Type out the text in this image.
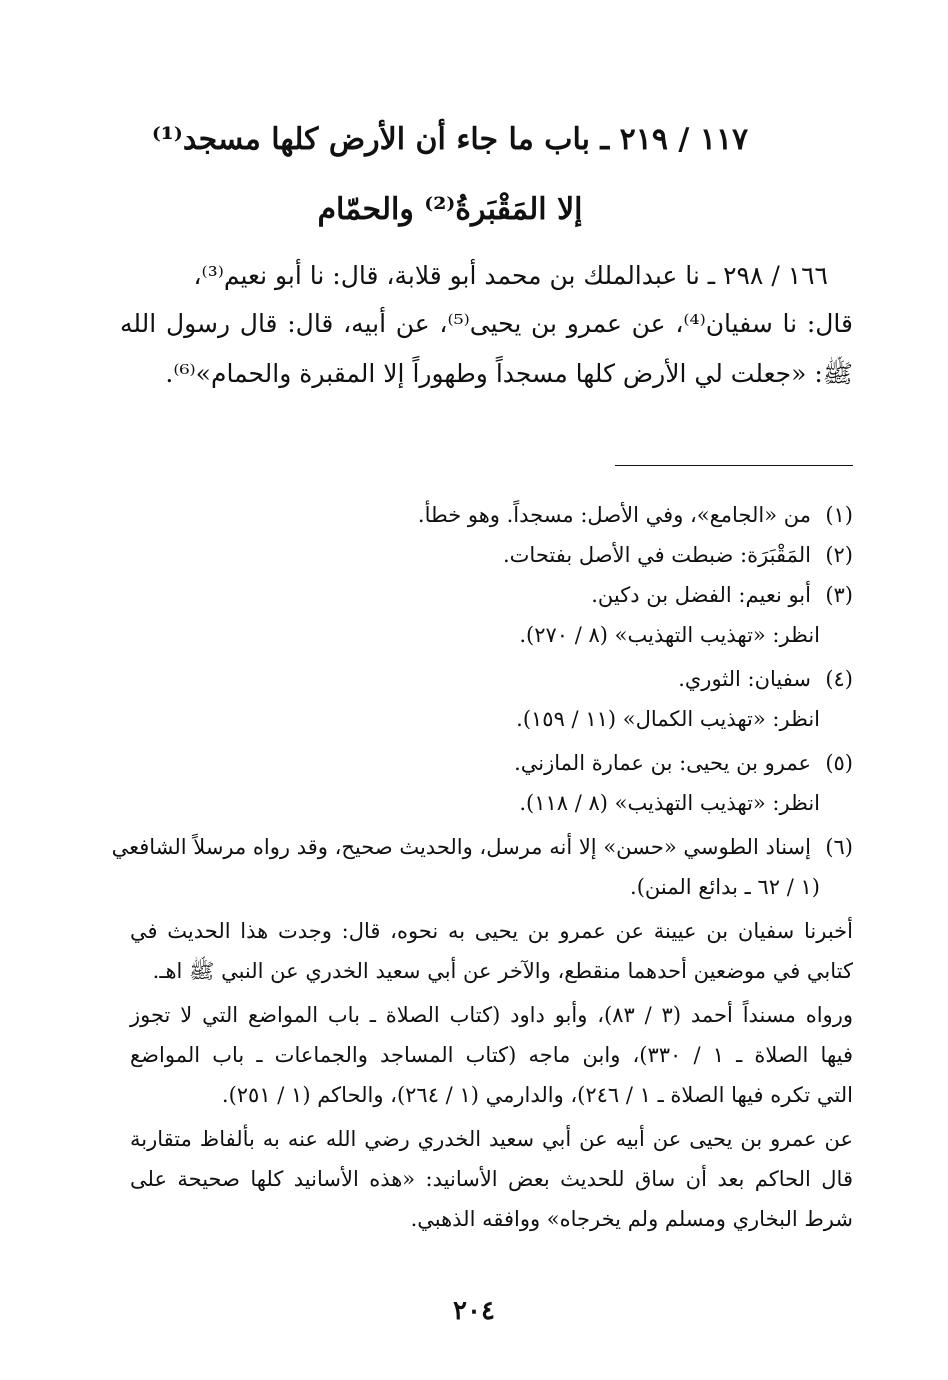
١١٧ / ٢١٩ ـ باب ما جاء أن الأرض كلها مسجد⁽¹⁾
إلا المَقْبَرةُ⁽²⁾ والحمّام
١٦٦ / ٢٩٨ ـ نا عبدالملك بن محمد أبو قلابة، قال: نا أبو نعيم⁽³⁾،
قال: نا سفيان⁽⁴⁾، عن عمرو بن يحيى⁽⁵⁾، عن أبيه، قال: قال رسول الله
ﷺ: «جعلت لي الأرض كلها مسجداً وطهوراً إلا المقبرة والحمام»⁽⁶⁾.
(١)من «الجامع»، وفي الأصل: مسجداً. وهو خطأ.
(٢)المَقْبَرَة: ضبطت في الأصل بفتحات.
(٣)أبو نعيم: الفضل بن دكين.
انظر: «تهذيب التهذيب» (٨ / ٢٧٠).
(٤)سفيان: الثوري.
انظر: «تهذيب الكمال» (١١ / ١٥٩).
(٥)عمرو بن يحيى: بن عمارة المازني.
انظر: «تهذيب التهذيب» (٨ / ١١٨).
(٦)إسناد الطوسي «حسن» إلا أنه مرسل، والحديث صحيح، وقد رواه مرسلاً الشافعي
(١ / ٦٢ ـ بدائع المنن).
أخبرنا سفيان بن عيينة عن عمرو بن يحيى به نحوه، قال: وجدت هذا الحديث في
كتابي في موضعين أحدهما منقطع، والآخر عن أبي سعيد الخدري عن النبي ﷺ اهـ.
ورواه مسنداً أحمد (٣ / ٨٣)، وأبو داود (كتاب الصلاة ـ باب المواضع التي لا تجوز
فيها الصلاة ـ ١ / ٣٣٠)، وابن ماجه (كتاب المساجد والجماعات ـ باب المواضع
التي تكره فيها الصلاة ـ ١ / ٢٤٦)، والدارمي (١ / ٢٦٤)، والحاكم (١ / ٢٥١).
عن عمرو بن يحيى عن أبيه عن أبي سعيد الخدري رضي الله عنه به بألفاظ متقاربة
قال الحاكم بعد أن ساق للحديث بعض الأسانيد: «هذه الأسانيد كلها صحيحة على
شرط البخاري ومسلم ولم يخرجاه» ووافقه الذهبي.
٢٠٤
